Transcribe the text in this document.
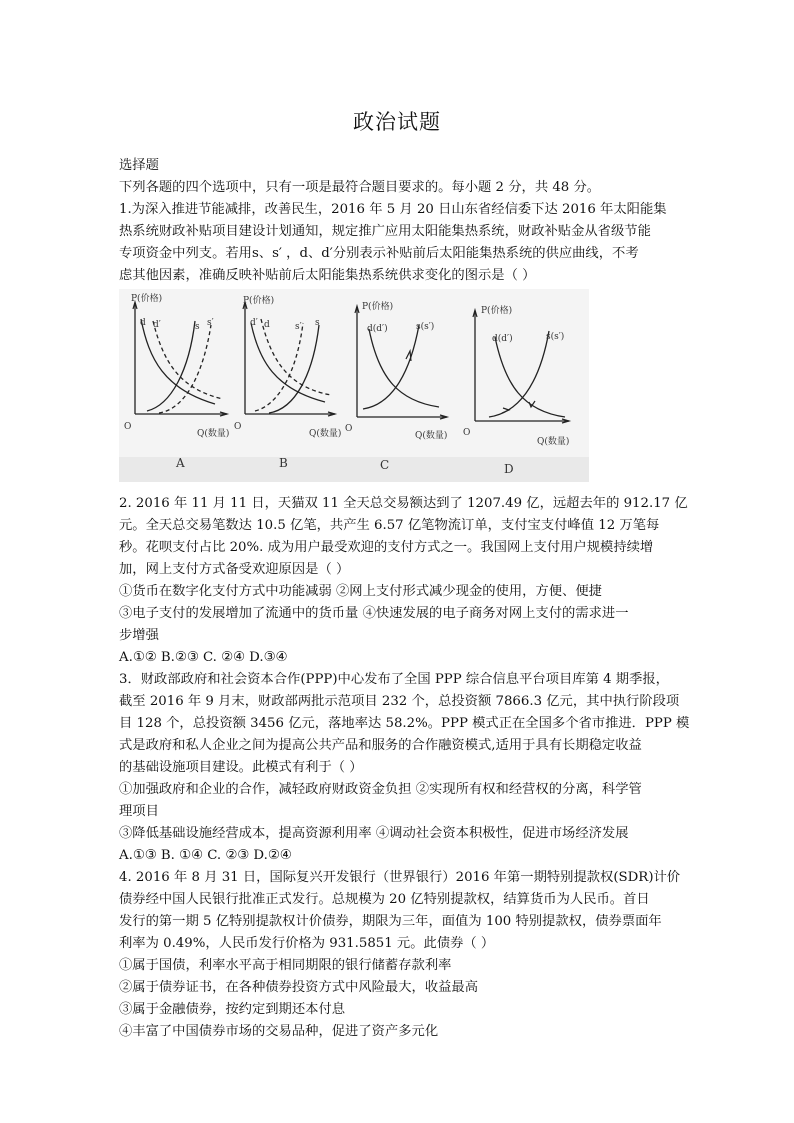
政治试题
选择题
下列各题的四个选项中，只有一项是最符合题目要求的。每小题 2 分，共 48 分。
1.为深入推进节能减排，改善民生，2016 年 5 月 20 日山东省经信委下达 2016 年太阳能集
热系统财政补贴项目建设计划通知，规定推广应用太阳能集热系统，财政补贴金从省级节能
专项资金中列支。若用s、s′ ，d、d′分别表示补贴前后太阳能集热系统的供应曲线，不考
虑其他因素，准确反映补贴前后太阳能集热系统供求变化的图示是（ ）
P(价格)
d d′	s s′
O
Q(数量)
A
P(价格)
d′ d	s′ s
O
Q(数量)
B
P(价格)
d(d′)	s(s′)
O
Q(数量)
C
P(价格)
d(d′)	s(s′)
O
Q(数量)
D
2. 2016 年 11 月 11 日，天猫双 11 全天总交易额达到了 1207.49 亿，远超去年的 912.17 亿
元。全天总交易笔数达 10.5 亿笔，共产生 6.57 亿笔物流订单，支付宝支付峰值 12 万笔每
秒。花呗支付占比 20%. 成为用户最受欢迎的支付方式之一。我国网上支付用户规模持续增
加，网上支付方式备受欢迎原因是（ ）
①货币在数字化支付方式中功能减弱 ②网上支付形式减少现金的使用，方便、便捷
③电子支付的发展增加了流通中的货币量 ④快速发展的电子商务对网上支付的需求进一
步增强
A.①② B.②③ C. ②④ D.③④
3．财政部政府和社会资本合作(PPP)中心发布了全国 PPP 综合信息平台项目库第 4 期季报，
截至 2016 年 9 月末，财政部两批示范项目 232 个，总投资额 7866.3 亿元，其中执行阶段项
目 128 个，总投资额 3456 亿元，落地率达 58.2%。PPP 模式正在全国多个省市推进．PPP 模
式是政府和私人企业之间为提高公共产品和服务的合作融资模式,适用于具有长期稳定收益
的基础设施项目建设。此模式有利于（ ）
①加强政府和企业的合作，减轻政府财政资金负担 ②实现所有权和经营权的分离，科学管
理项目
③降低基础设施经营成本，提高资源利用率 ④调动社会资本积极性，促进市场经济发展
A.①③ B. ①④ C. ②③ D.②④
4. 2016 年 8 月 31 日，国际复兴开发银行（世界银行）2016 年第一期特别提款权(SDR)计价
债券经中国人民银行批准正式发行。总规模为 20 亿特别提款权，结算货币为人民币。首日
发行的第一期 5 亿特别提款权计价债券，期限为三年，面值为 100 特别提款权，债券票面年
利率为 0.49%，人民币发行价格为 931.5851 元。此债券（ ）
①属于国债，利率水平高于相同期限的银行储蓄存款利率
②属于债券证书，在各种债券投资方式中风险最大，收益最高
③属于金融债券，按约定到期还本付息
④丰富了中国债券市场的交易品种，促进了资产多元化
